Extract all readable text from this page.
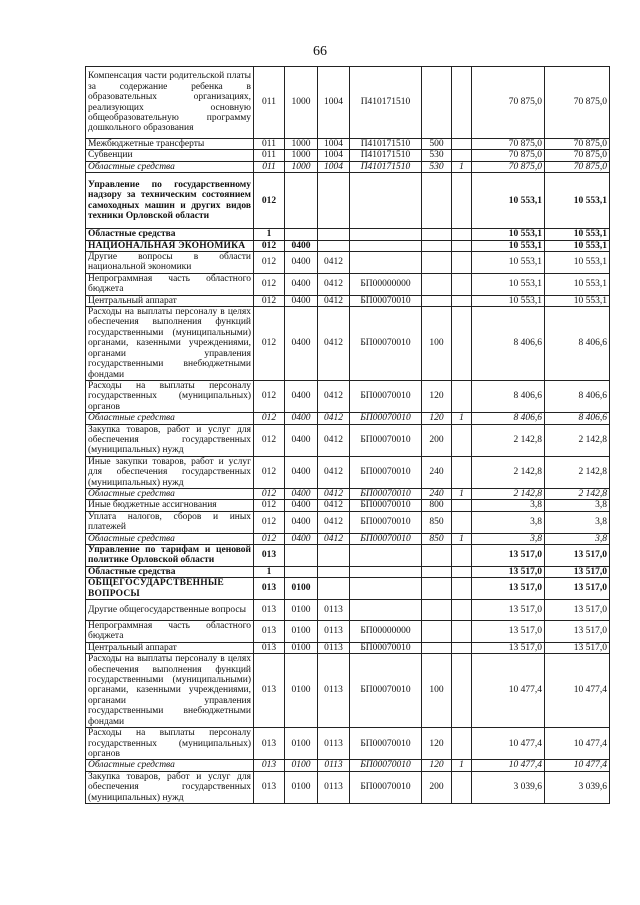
66
Компенсация части родительской платы за содержание ребенка в образовательных организациях, реализующих основную общеобразовательную программу дошкольного образования	011	1000	1004	П410171510			70 875,0	70 875,0
Межбюджетные трансферты	011	1000	1004	П410171510	500		70 875,0	70 875,0
Субвенции	011	1000	1004	П410171510	530		70 875,0	70 875,0
Областные средства	011	1000	1004	П410171510	530	1	70 875,0	70 875,0
Управление по государственному надзору за техническим состоянием самоходных машин и других видов техники Орловской области	012						10 553,1	10 553,1
Областные средства	1						10 553,1	10 553,1
НАЦИОНАЛЬНАЯ ЭКОНОМИКА	012	0400					10 553,1	10 553,1
Другие вопросы в области национальной экономики	012	0400	0412				10 553,1	10 553,1
Непрограммная часть областного бюджета	012	0400	0412	БП00000000			10 553,1	10 553,1
Центральный аппарат	012	0400	0412	БП00070010			10 553,1	10 553,1
Расходы на выплаты персоналу в целях обеспечения выполнения функций государственными (муниципальными) органами, казенными учреждениями, органами управления государственными внебюджетными фондами	012	0400	0412	БП00070010	100		8 406,6	8 406,6
Расходы на выплаты персоналу государственных (муниципальных) органов	012	0400	0412	БП00070010	120		8 406,6	8 406,6
Областные средства	012	0400	0412	БП00070010	120	1	8 406,6	8 406,6
Закупка товаров, работ и услуг для обеспечения государственных (муниципальных) нужд	012	0400	0412	БП00070010	200		2 142,8	2 142,8
Иные закупки товаров, работ и услуг для обеспечения государственных (муниципальных) нужд	012	0400	0412	БП00070010	240		2 142,8	2 142,8
Областные средства	012	0400	0412	БП00070010	240	1	2 142,8	2 142,8
Иные бюджетные ассигнования	012	0400	0412	БП00070010	800		3,8	3,8
Уплата налогов, сборов и иных платежей	012	0400	0412	БП00070010	850		3,8	3,8
Областные средства	012	0400	0412	БП00070010	850	1	3,8	3,8
Управление по тарифам и ценовой политике Орловской области	013						13 517,0	13 517,0
Областные средства	1						13 517,0	13 517,0
ОБЩЕГОСУДАРСТВЕННЫЕ ВОПРОСЫ	013	0100					13 517,0	13 517,0
Другие общегосударственные вопросы	013	0100	0113				13 517,0	13 517,0
Непрограммная часть областного бюджета	013	0100	0113	БП00000000			13 517,0	13 517,0
Центральный аппарат	013	0100	0113	БП00070010			13 517,0	13 517,0
Расходы на выплаты персоналу в целях обеспечения выполнения функций государственными (муниципальными) органами, казенными учреждениями, органами управления государственными внебюджетными фондами	013	0100	0113	БП00070010	100		10 477,4	10 477,4
Расходы на выплаты персоналу государственных (муниципальных) органов	013	0100	0113	БП00070010	120		10 477,4	10 477,4
Областные средства	013	0100	0113	БП00070010	120	1	10 477,4	10 477,4
Закупка товаров, работ и услуг для обеспечения государственных (муниципальных) нужд	013	0100	0113	БП00070010	200		3 039,6	3 039,6
